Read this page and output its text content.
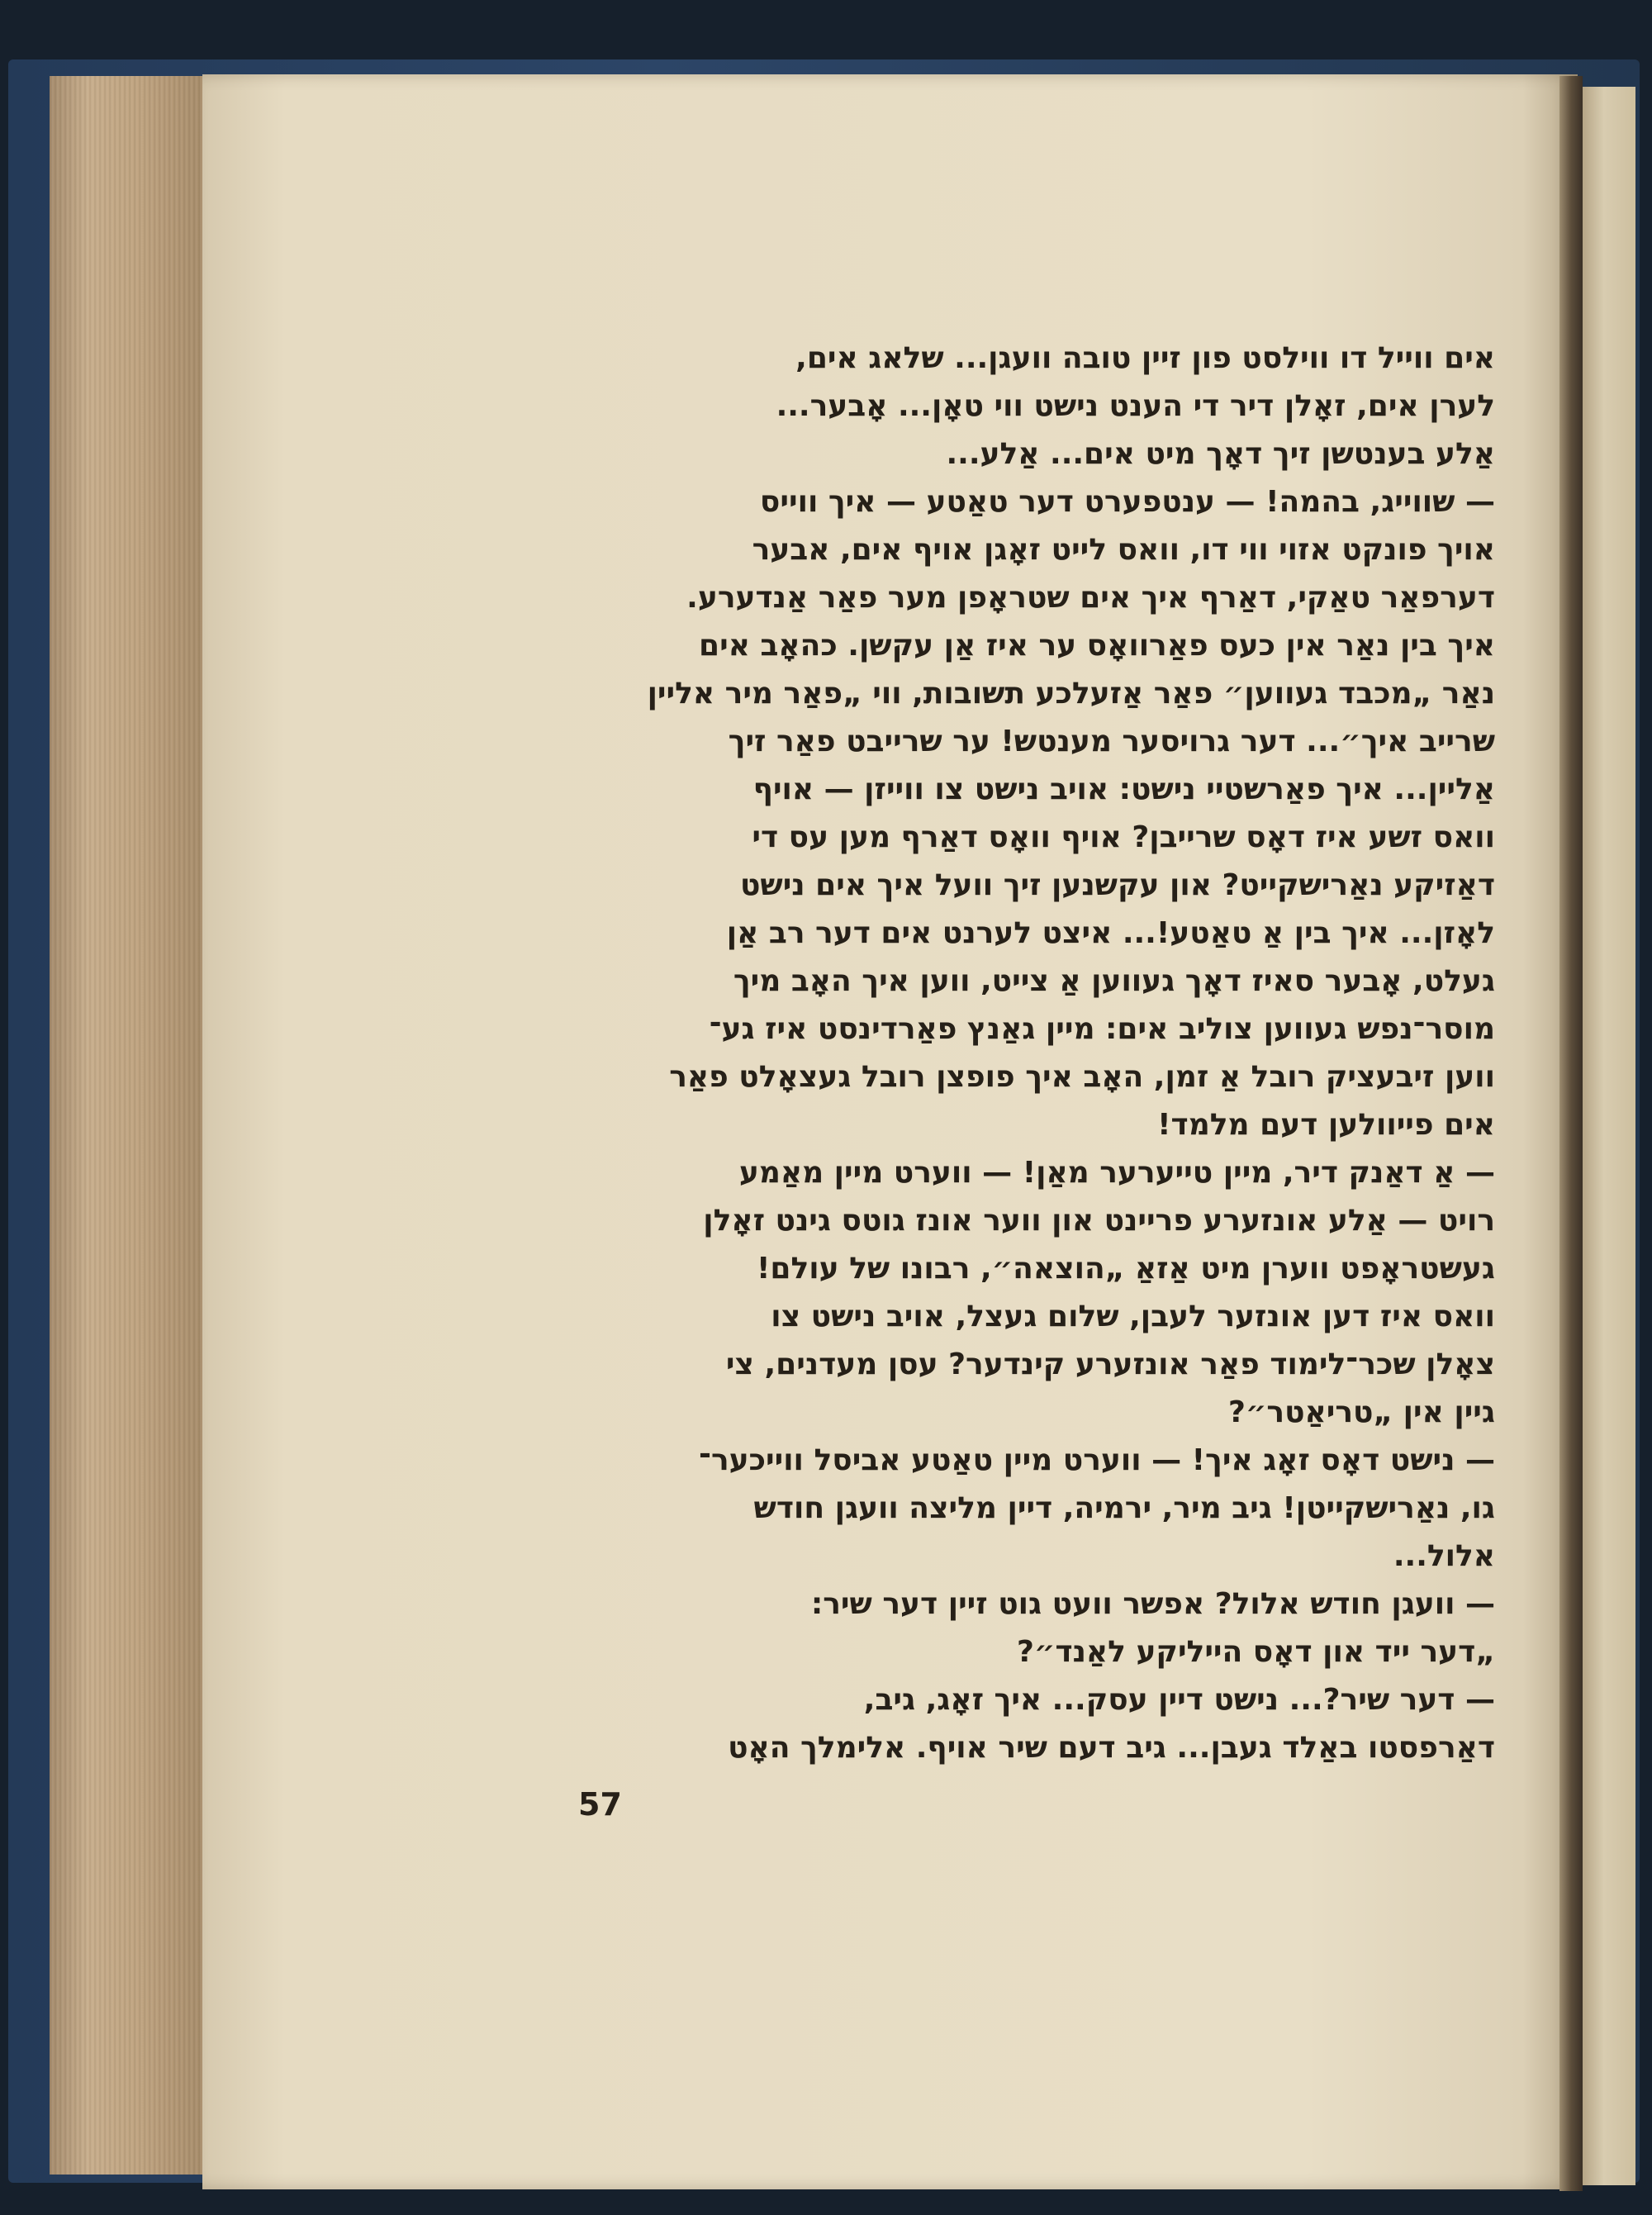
אים ווייל דו ווילסט פון זיין טובה וועגן... שלאג אים,
לערן אים, זאָלן דיר די הענט נישט ווי טאָן... אָבער...
אַלע בענטשן זיך דאָך מיט אים... אַלע...
— שווייג, בהמה! — ענטפערט דער טאַטע — איך ווייס
אויך פונקט אזוי ווי דו, וואס לייט זאָגן אויף אים, אבער
דערפאַר טאַקי, דאַרף איך אים שטראָפן מער פאַר אַנדערע.
איך בין נאַר אין כעס פאַרוואָס ער איז אַן עקשן. כהאָב אים
נאַר „מכבד געווען״ פאַר אַזעלכע תשובות, ווי „פאַר מיר אליין
שרייב איך״... דער גרויסער מענטש! ער שרייבט פאַר זיך
אַליין... איך פאַרשטיי נישט: אויב נישט צו ווייזן — אויף
וואס זשע איז דאָס שרייבן? אויף וואָס דאַרף מען עס די
דאַזיקע נאַרישקייט? און עקשנען זיך וועל איך אים נישט
לאָזן... איך בין אַ טאַטע!... איצט לערנט אים דער רב אַן
געלט, אָבער סאיז דאָך געווען אַ צייט, ווען איך האָב מיך
מוסר־נפש געווען צוליב אים: מיין גאַנץ פאַרדינסט איז גע־
ווען זיבעציק רובל אַ זמן, האָב איך פופצן רובל געצאָלט פאַר
אים פייוולען דעם מלמד!
— אַ דאַנק דיר, מיין טייערער מאַן! — ווערט מיין מאַמע
רויט — אַלע אונזערע פריינט און ווער אונז גוטס גינט זאָלן
געשטראָפט ווערן מיט אַזאַ „הוצאה״, רבונו של עולם!
וואס איז דען אונזער לעבן, שלום געצל, אויב נישט צו
צאָלן שכר־לימוד פאַר אונזערע קינדער? עסן מעדנים, צי
גיין אין „טריאַטר״?
— נישט דאָס זאָג איך! — ווערט מיין טאַטע אביסל ווייכער־
גו, נאַרישקייטן! גיב מיר, ירמיה, דיין מליצה וועגן חודש
אלול...
— וועגן חודש אלול? אפשר וועט גוט זיין דער שיר:
„דער ייד און דאָס הייליקע לאַנד״?
— דער שיר?... נישט דיין עסק... איך זאָג, גיב,
דאַרפסטו באַלד געבן... גיב דעם שיר אויף. אלימלך האָט
57
